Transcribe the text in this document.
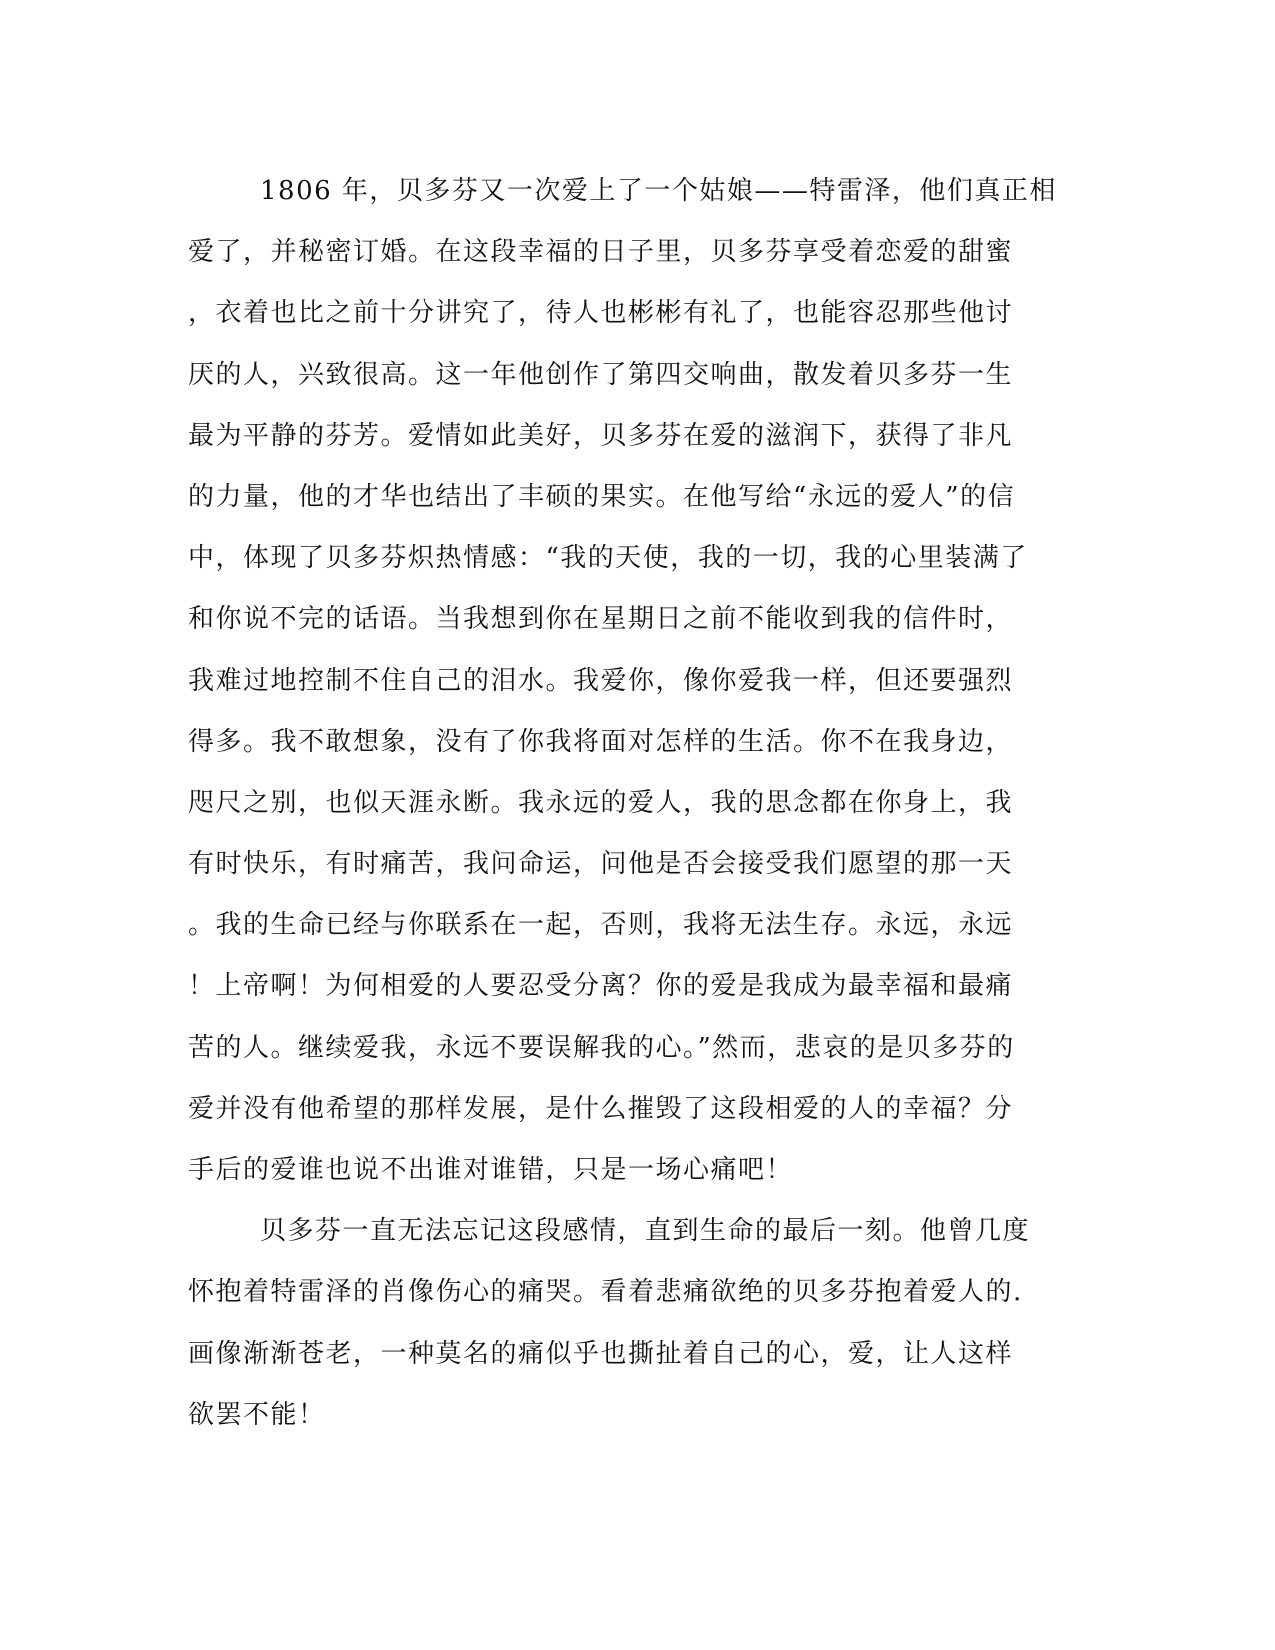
1806 年，贝多芬又一次爱上了一个姑娘——特雷泽，他们真正相
爱了，并秘密订婚。在这段幸福的日子里，贝多芬享受着恋爱的甜蜜
，衣着也比之前十分讲究了，待人也彬彬有礼了，也能容忍那些他讨
厌的人，兴致很高。这一年他创作了第四交响曲，散发着贝多芬一生
最为平静的芬芳。爱情如此美好，贝多芬在爱的滋润下，获得了非凡
的力量，他的才华也结出了丰硕的果实。在他写给“永远的爱人”的信
中，体现了贝多芬炽热情感：“我的天使，我的一切，我的心里装满了
和你说不完的话语。当我想到你在星期日之前不能收到我的信件时，
我难过地控制不住自己的泪水。我爱你，像你爱我一样，但还要强烈
得多。我不敢想象，没有了你我将面对怎样的生活。你不在我身边，
咫尺之别，也似天涯永断。我永远的爱人，我的思念都在你身上，我
有时快乐，有时痛苦，我问命运，问他是否会接受我们愿望的那一天
。我的生命已经与你联系在一起，否则，我将无法生存。永远，永远
！上帝啊！为何相爱的人要忍受分离？你的爱是我成为最幸福和最痛
苦的人。继续爱我，永远不要误解我的心。”然而，悲哀的是贝多芬的
爱并没有他希望的那样发展，是什么摧毁了这段相爱的人的幸福？分
手后的爱谁也说不出谁对谁错，只是一场心痛吧！
贝多芬一直无法忘记这段感情，直到生命的最后一刻。他曾几度
怀抱着特雷泽的肖像伤心的痛哭。看着悲痛欲绝的贝多芬抱着爱人的.
画像渐渐苍老，一种莫名的痛似乎也撕扯着自己的心，爱，让人这样
欲罢不能！
